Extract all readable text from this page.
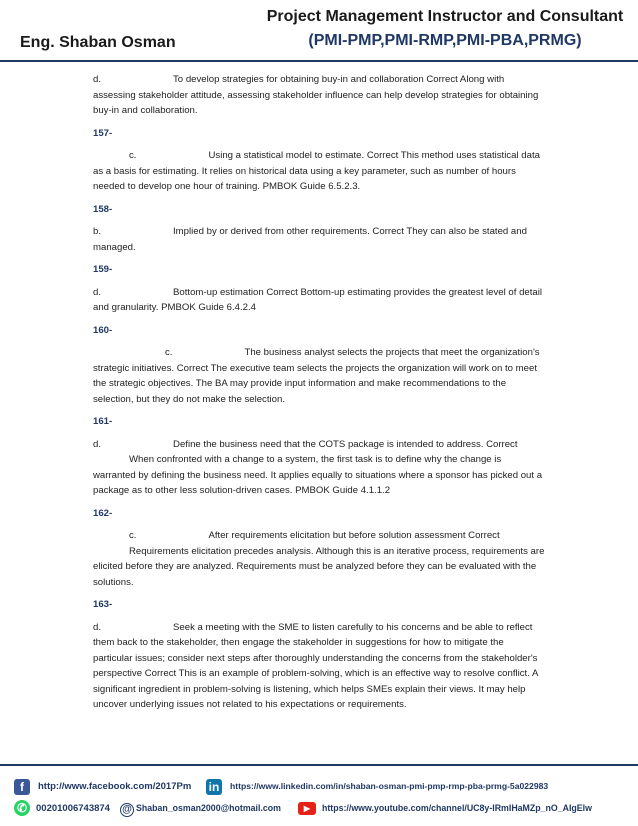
Eng. Shaban Osman
Project Management Instructor and Consultant
(PMI-PMP,PMI-RMP,PMI-PBA,PRMG)

d.	To develop strategies for obtaining buy-in and collaboration Correct Along with assessing stakeholder attitude, assessing stakeholder influence can help develop strategies for obtaining buy-in and collaboration.

157-

c.	Using a statistical model to estimate. Correct This method uses statistical data as a basis for estimating. It relies on historical data using a key parameter, such as number of hours needed to develop one hour of training. PMBOK Guide 6.5.2.3.

158-

b.	Implied by or derived from other requirements. Correct They can also be stated and managed.

159-

d.	Bottom-up estimation Correct Bottom-up estimating provides the greatest level of detail and granularity. PMBOK Guide 6.4.2.4

160-

c.	The business analyst selects the projects that meet the organization's strategic initiatives. Correct The executive team selects the projects the organization will work on to meet the strategic objectives. The BA may provide input information and make recommendations to the selection, but they do not make the selection.

161-

d.	Define the business need that the COTS package is intended to address. Correct
When confronted with a change to a system, the first task is to define why the change is warranted by defining the business need. It applies equally to situations where a sponsor has picked out a package as to other less solution-driven cases. PMBOK Guide 4.1.1.2

162-

c.	After requirements elicitation but before solution assessment Correct
Requirements elicitation precedes analysis. Although this is an iterative process, requirements are elicited before they are analyzed. Requirements must be analyzed before they can be evaluated with the solutions.

163-

d.	Seek a meeting with the SME to listen carefully to his concerns and be able to reflect them back to the stakeholder, then engage the stakeholder in suggestions for how to mitigate the particular issues; consider next steps after thoroughly understanding the concerns from the stakeholder's perspective Correct This is an example of problem-solving, which is an effective way to resolve conflict. A significant ingredient in problem-solving is listening, which helps SMEs explain their views. It may help uncover underlying issues not related to his expectations or requirements.

f	http://www.facebook.com/2017Pm in	https://www.linkedin.com/in/shaban-osman-pmi-pmp-rmp-pba-prmg-5a022983
✆ 00201006743874 @ Shaban_osman2000@hotmail.com	▶	https://www.youtube.com/channel/UC8y-IRmIHaMZp_nO_AIgElw
